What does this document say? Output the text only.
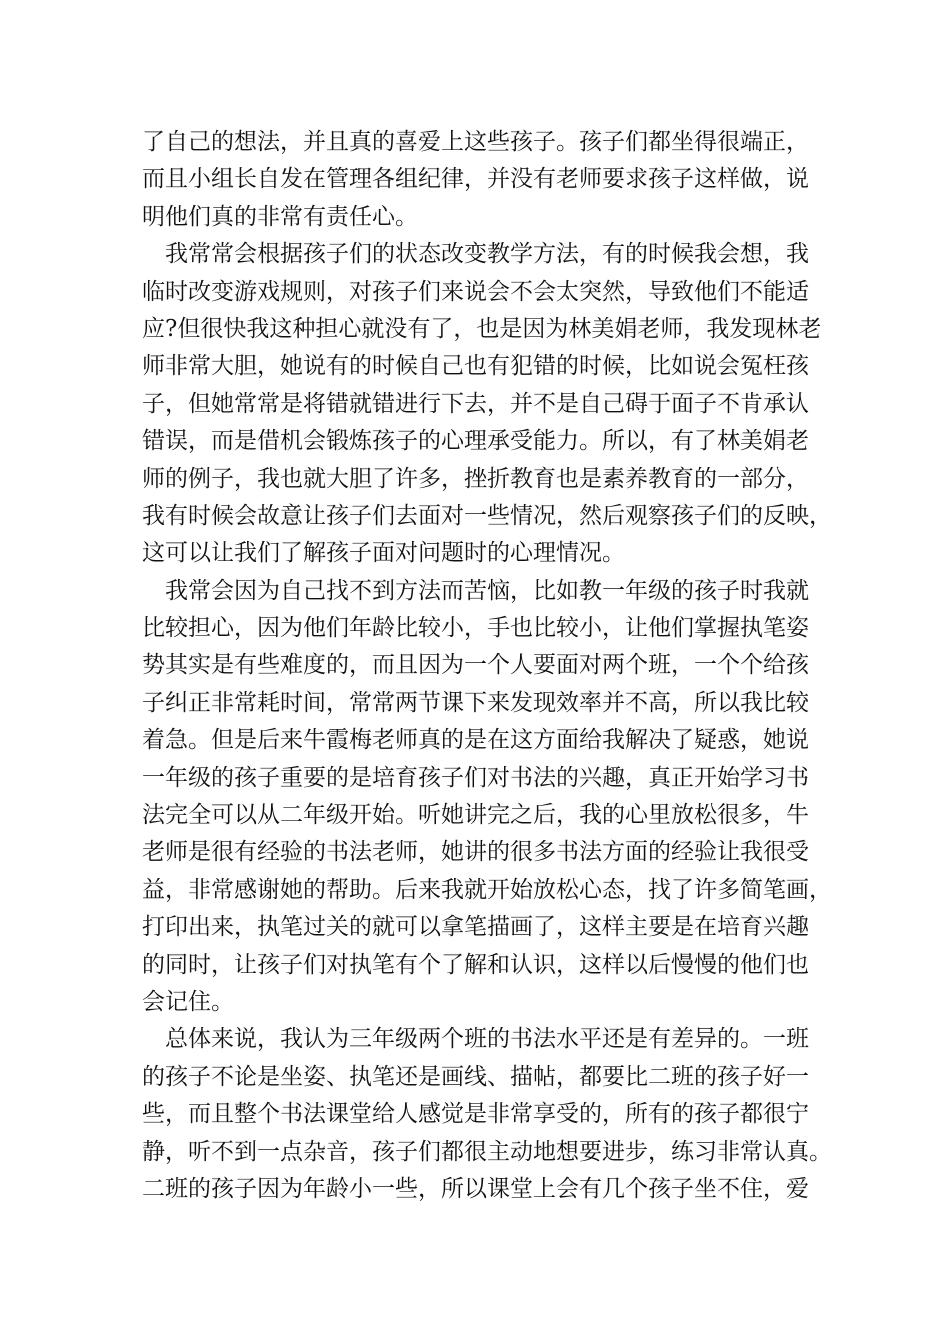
了自己的想法，并且真的喜爱上这些孩子。孩子们都坐得很端正，
而且小组长自发在管理各组纪律，并没有老师要求孩子这样做，说
明他们真的非常有责任心。
我常常会根据孩子们的状态改变教学方法，有的时候我会想，我
临时改变游戏规则，对孩子们来说会不会太突然，导致他们不能适
应?但很快我这种担心就没有了，也是因为林美娟老师，我发现林老
师非常大胆，她说有的时候自己也有犯错的时候，比如说会冤枉孩
子，但她常常是将错就错进行下去，并不是自己碍于面子不肯承认
错误，而是借机会锻炼孩子的心理承受能力。所以，有了林美娟老
师的例子，我也就大胆了许多，挫折教育也是素养教育的一部分，
我有时候会故意让孩子们去面对一些情况，然后观察孩子们的反映，
这可以让我们了解孩子面对问题时的心理情况。
我常会因为自己找不到方法而苦恼，比如教一年级的孩子时我就
比较担心，因为他们年龄比较小，手也比较小，让他们掌握执笔姿
势其实是有些难度的，而且因为一个人要面对两个班，一个个给孩
子纠正非常耗时间，常常两节课下来发现效率并不高，所以我比较
着急。但是后来牛霞梅老师真的是在这方面给我解决了疑惑，她说
一年级的孩子重要的是培育孩子们对书法的兴趣，真正开始学习书
法完全可以从二年级开始。听她讲完之后，我的心里放松很多，牛
老师是很有经验的书法老师，她讲的很多书法方面的经验让我很受
益，非常感谢她的帮助。后来我就开始放松心态，找了许多简笔画，
打印出来，执笔过关的就可以拿笔描画了，这样主要是在培育兴趣
的同时，让孩子们对执笔有个了解和认识，这样以后慢慢的他们也
会记住。
总体来说，我认为三年级两个班的书法水平还是有差异的。一班
的孩子不论是坐姿、执笔还是画线、描帖，都要比二班的孩子好一
些，而且整个书法课堂给人感觉是非常享受的，所有的孩子都很宁
静，听不到一点杂音，孩子们都很主动地想要进步，练习非常认真。
二班的孩子因为年龄小一些，所以课堂上会有几个孩子坐不住，爱
